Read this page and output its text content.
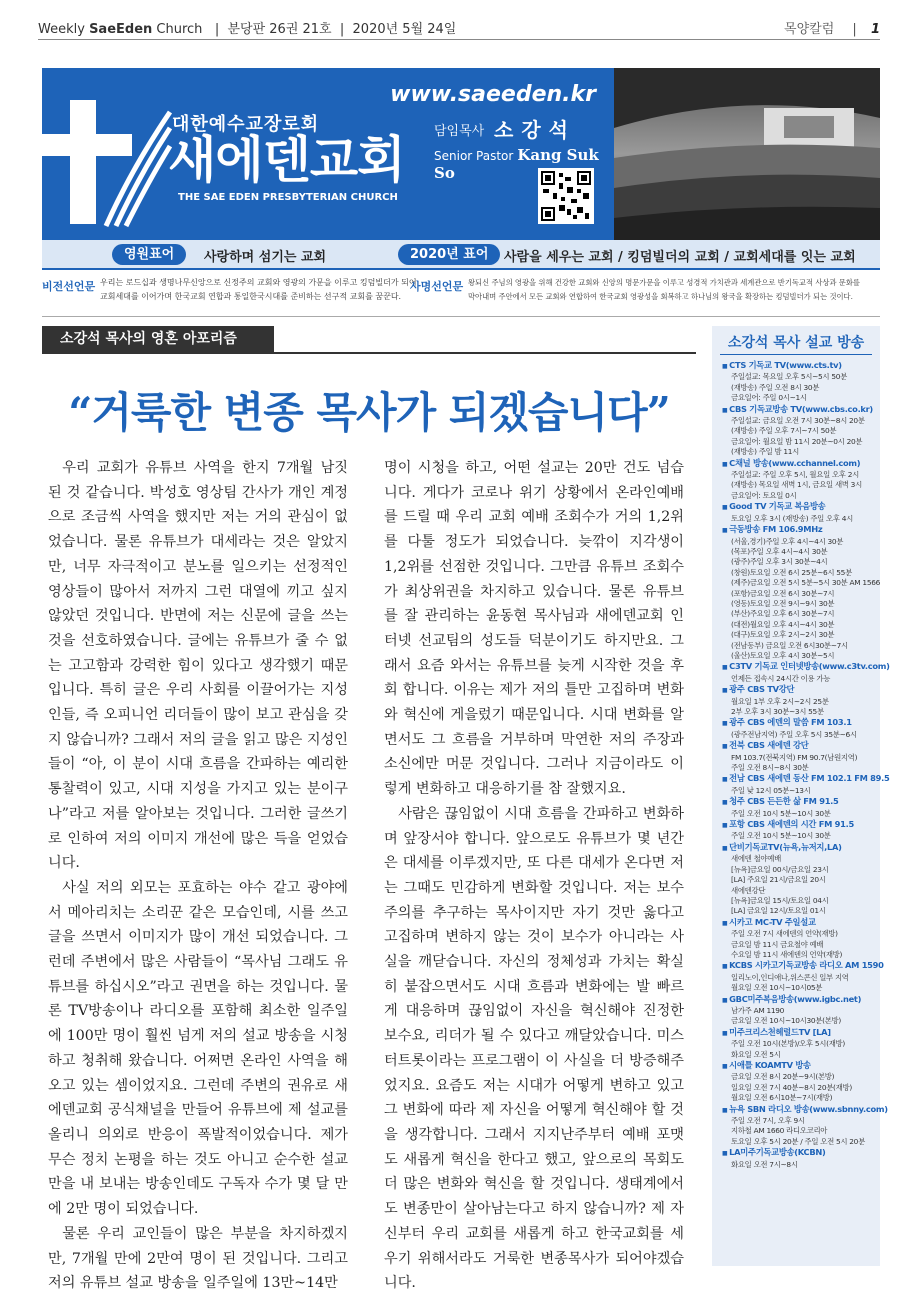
Weekly SaeEden Church   |  분당판 26권 21호  |  2020년 5월 24일	목양칼럼 | 1
대한예수교장로회
새에덴교회
THE SAE EDEN PRESBYTERIAN CHURCH
www.saeeden.kr
담임목사 소강석
Senior Pastor Kang Suk So
영원표어	사랑하며 섬기는 교회	2020년 표어	사람을 세우는 교회 / 킹덤빌더의 교회 / 교회세대를 잇는 교회
비전선언문 우리는 로드십과 생명나무신앙으로 신정주의 교회와 영광의 가문을 이루고 킹덤빌더가 되어
교회세대를 이어가며 한국교회 연합과 통일한국시대를 준비하는 선구적 교회를 꿈꾼다.
사명선언문 왕되신 주님의 영광을 위해 건강한 교회와 신앙의 명문가문을 이루고 성경적 가치관과 세계관으로 반기독교적 사상과 문화를
막아내며 주안에서 모든 교회와 연합하여 한국교회 영광성을 회복하고 하나님의 왕국을 확장하는 킹덤빌더가 되는 것이다.
소강석 목사의 영혼 아포리즘
“거룩한 변종 목사가 되겠습니다”

우리 교회가 유튜브 사역을 한지 7개월 남짓 된 것 같습니다. 박성호 영상팀 간사가 개인 계정으로 조금씩 사역을 했지만 저는 거의 관심이 없었습니다. 물론 유튜브가 대세라는 것은 알았지만, 너무 자극적이고 분노를 일으키는 선정적인 영상들이 많아서 저까지 그런 대열에 끼고 싶지 않았던 것입니다. 반면에 저는 신문에 글을 쓰는 것을 선호하였습니다. 글에는 유튜브가 줄 수 없는 고고함과 강력한 힘이 있다고 생각했기 때문입니다. 특히 글은 우리 사회를 이끌어가는 지성인들, 즉 오피니언 리더들이 많이 보고 관심을 갖지 않습니까? 그래서 저의 글을 읽고 많은 지성인들이 “아, 이 분이 시대 흐름을 간파하는 예리한 통찰력이 있고, 시대 지성을 가지고 있는 분이구나”라고 저를 알아보는 것입니다. 그러한 글쓰기로 인하여 저의 이미지 개선에 많은 득을 얻었습니다.

사실 저의 외모는 포효하는 야수 같고 광야에서 메아리치는 소리꾼 같은 모습인데, 시를 쓰고 글을 쓰면서 이미지가 많이 개선 되었습니다. 그런데 주변에서 많은 사람들이 “목사님 그래도 유튜브를 하십시오”라고 권면을 하는 것입니다. 물론 TV방송이나 라디오를 포함해 최소한 일주일에 100만 명이 훨씬 넘게 저의 설교 방송을 시청하고 청취해 왔습니다. 어쩌면 온라인 사역을 해오고 있는 셈이었지요. 그런데 주변의 권유로 새에덴교회 공식채널을 만들어 유튜브에 제 설교를 올리니 의외로 반응이 폭발적이었습니다. 제가 무슨 정치 논평을 하는 것도 아니고 순수한 설교만을 내 보내는 방송인데도 구독자 수가 몇 달 만에 2만 명이 되었습니다.

물론 우리 교인들이 많은 부분을 차지하겠지만, 7개월 만에 2만여 명이 된 것입니다. 그리고 저의 유튜브 설교 방송을 일주일에 13만~14만

명이 시청을 하고, 어떤 설교는 20만 건도 넘습니다. 게다가 코로나 위기 상황에서 온라인예배를 드릴 때 우리 교회 예배 조회수가 거의 1,2위를 다툴 정도가 되었습니다. 늦깎이 지각생이 1,2위를 선점한 것입니다. 그만큼 유튜브 조회수가 최상위권을 차지하고 있습니다. 물론 유튜브를 잘 관리하는 윤동현 목사님과 새에덴교회 인터넷 선교팀의 성도들 덕분이기도 하지만요. 그래서 요즘 와서는 유튜브를 늦게 시작한 것을 후회 합니다. 이유는 제가 저의 틀만 고집하며 변화와 혁신에 게을렀기 때문입니다. 시대 변화를 알면서도 그 흐름을 거부하며 막연한 저의 주장과 소신에만 머문 것입니다. 그러나 지금이라도 이렇게 변화하고 대응하기를 참 잘했지요.

사람은 끊임없이 시대 흐름을 간파하고 변화하며 앞장서야 합니다. 앞으로도 유튜브가 몇 년간은 대세를 이루겠지만, 또 다른 대세가 온다면 저는 그때도 민감하게 변화할 것입니다. 저는 보수주의를 추구하는 목사이지만 자기 것만 옳다고 고집하며 변하지 않는 것이 보수가 아니라는 사실을 깨닫습니다. 자신의 정체성과 가치는 확실히 붙잡으면서도 시대 흐름과 변화에는 발 빠르게 대응하며 끊임없이 자신을 혁신해야 진정한 보수요, 리더가 될 수 있다고 깨달았습니다. 미스터트롯이라는 프로그램이 이 사실을 더 방증해주었지요. 요즘도 저는 시대가 어떻게 변하고 있고 그 변화에 따라 제 자신을 어떻게 혁신해야 할 것을 생각합니다. 그래서 지지난주부터 예배 포맷도 새롭게 혁신을 한다고 했고, 앞으로의 목회도 더 많은 변화와 혁신을 할 것입니다. 생태계에서도 변종만이 살아남는다고 하지 않습니까? 제 자신부터 우리 교회를 새롭게 하고 한국교회를 세우기 위해서라도 거룩한 변종목사가 되어야겠습니다.

소강석 목사 설교 방송
■ CTS 기독교 TV(www.cts.tv)
주일설교: 목요일 오후 5시~5시 50분
(재방송) 주일 오전 8시 30분
금요일어: 주일 0시~1시
■ CBS 기독교방송 TV(www.cbs.co.kr)
주일설교: 금요일 오전 7시 30분~8시 20분
(재방송) 주일 오후 7시~7시 50분
금요일어: 월요일 밤 11시 20분~0시 20분
(재방송) 주일 밤 11시
■ C채널 방송(www.cchannel.com)
주일설교: 주일 오후 5시, 월요일 오후 2시
(재방송) 목요일 새벽 1시, 금요일 새벽 3시
금요일어: 토요일 0시
■ Good TV 기독교 복음방송
토요일 오후 3시 (재방송) 주일 오후 4시
■ 극동방송 FM 106.9MHz
(서울,경기)주일 오후 4시~4시 30분
(목포)주일 오후 4시~4시 30분
(광주)주일 오후 3시 30분~4시
(창원)토요일 오전 6시 25분~6시 55분
(제주)금요일 오전 5시 5분~5시 30분 AM 1566
(포항)금요일 오전 6시 30분~7시
(영동)토요일 오전 9시~9시 30분
(부산)주요일 오후 6시 30분~7시
(대전)월요일 오후 4시~4시 30분
(대구)토요일 오후 2시~2시 30분
(전남동부) 금요일 오전 6시30분~7시
(울산)토요일 오후 4시 30분~5시
■ C3TV 기독교 인터넷방송(www.c3tv.com)
언제든 접속시 24시간 이용 가능
■ 광주 CBS TV강단
월요일 1부 오후 2시~2시 25분
2부 오후 3시 30분~3시 55분
■ 광주 CBS 에덴의 말씀 FM 103.1
(광주전남지역) 주일 오후 5시 35분~6시
■ 전북 CBS 새에덴 강단
FM 103.7(전북지역) FM 90.7(남원지역)
주일 오전 8시~8시 30분
■ 전남 CBS 새에덴 동산 FM 102.1 FM 89.5
주일 낮 12시 05분~13시
■ 청주 CBS 든든한 삶 FM 91.5
주일 오전 10시 5분~10시 30분
■ 포항 CBS 새에덴의 시간 FM 91.5
주일 오전 10시 5분~10시 30분
■ 단비기독교TV(뉴욕,뉴저지,LA)
새에덴 철야예배
[뉴욕]금요일 00시/금요일 23시
[LA] 주요일 21시/금요일 20시
새에덴강단
[뉴욕]금요일 15시/토요일 04시
[LA] 금요일 12시/토요일 01시
■ 시카고 MC-TV 주일설교
주일 오전 7시 새에덴의 언약(재방)
금요일 밤 11시 금요철야 예배
수요일 밤 11시 새에덴의 언약(재방)
■ KCBS 시카고기독교방송 라디오 AM 1590
일리노이,인디애나,위스콘신 일부 지역
월요일 오전 10시~10시05분
■ GBC미주복음방송(www.igbc.net)
남가주 AM 1190
금요일 오전 10시~10시30분(본방)
■ 미주크리스천헤럴드TV [LA]
주일 오전 10시(본방)/오후 5시(재방)
화요일 오전 5시
■ 시애틀 KOAMTV 방송
금요일 오전 8시 20분~9시(본방)
일요일 오전 7시 40분~8시 20분(재방)
월요일 오전 6시10분~7시(재방)
■ 뉴욕 SBN 라디오 방송(www.sbnny.com)
주일 오전 7시, 오후 9시
지하철 AM 1660 라디오코리아
토요일 오후 5시 20분 / 주일 오전 5시 20분
■ LA미주기독교방송(KCBN)
화요일 오전 7시~8시
